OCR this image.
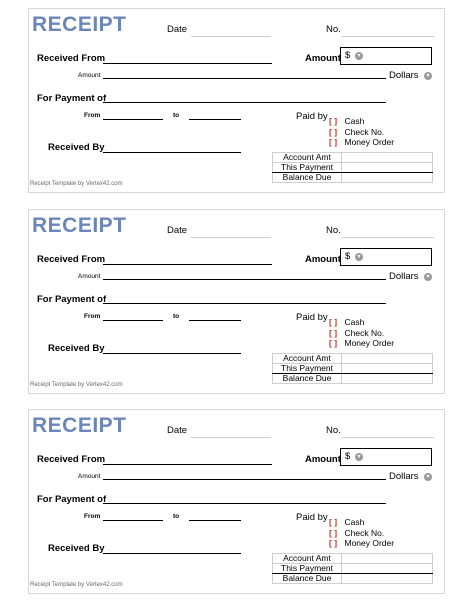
RECEIPT	Date	No.
Received From	Amount $	▾
Amount	Dollars	▾
For Payment of
From	to	Paid by [ ] Cash
[ ] Check No.
[ ] Money Order
Received By
Account Amt	
This Payment	
Balance Due	
Receipt Template by Vertex42.com
RECEIPT	Date	No.
Received From	Amount $	▾
Amount	Dollars	▾
For Payment of
From	to	Paid by [ ] Cash
[ ] Check No.
[ ] Money Order
Received By
Account Amt	
This Payment	
Balance Due	
Receipt Template by Vertex42.com
RECEIPT	Date	No.
Received From	Amount $	▾
Amount	Dollars	▾
For Payment of
From	to	Paid by [ ] Cash
[ ] Check No.
[ ] Money Order
Received By
Account Amt	
This Payment	
Balance Due	
Receipt Template by Vertex42.com
